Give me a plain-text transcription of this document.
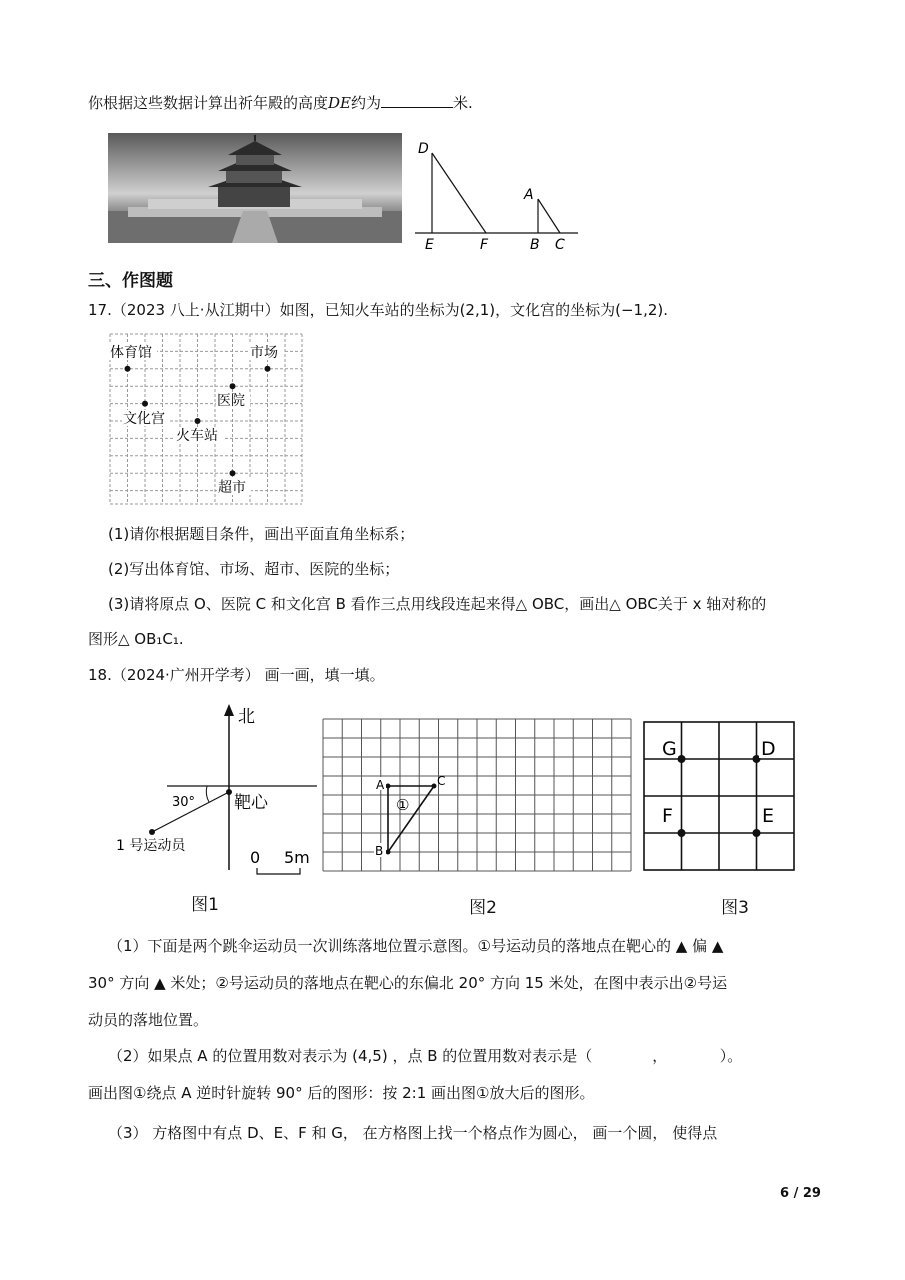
你根据这些数据计算出祈年殿的高度DE约为	米.
D
E	F
A
B C
三、作图题
17.（2023 八上·从江期中）如图，已知火车站的坐标为(2,1)，文化宫的坐标为(−1,2).
体育馆	市场
医院
文化宫
火车站
超市
(1)请你根据题目条件，画出平面直角坐标系；
(2)写出体育馆、市场、超市、医院的坐标；
(3)请将原点 O、医院 C 和文化宫 B 看作三点用线段连起来得△ OBC，画出△ OBC关于 x 轴对称的
图形△ OB₁C₁.
18.（2024·广州开学考） 画一画，填一填。
北
30° 靶心
1 号运动员
0 5m
图1
A	C
B
①
图2
G	D
F	E
图3
（1）下面是两个跳伞运动员一次训练落地位置示意图。①号运动员的落地点在靶心的 ▲ 偏 ▲
30° 方向 ▲ 米处；②号运动员的落地点在靶心的东偏北 20° 方向 15 米处，在图中表示出②号运
动员的落地位置。
（2）如果点 A 的位置用数对表示为 (4,5) ，点 B 的位置用数对表示是（　　　　，　　　　）。
画出图①绕点 A 逆时针旋转 90° 后的图形：按 2:1 画出图①放大后的图形。
（3） 方格图中有点 D、E、F 和 G， 在方格图上找一个格点作为圆心， 画一个圆， 使得点
6 / 29
